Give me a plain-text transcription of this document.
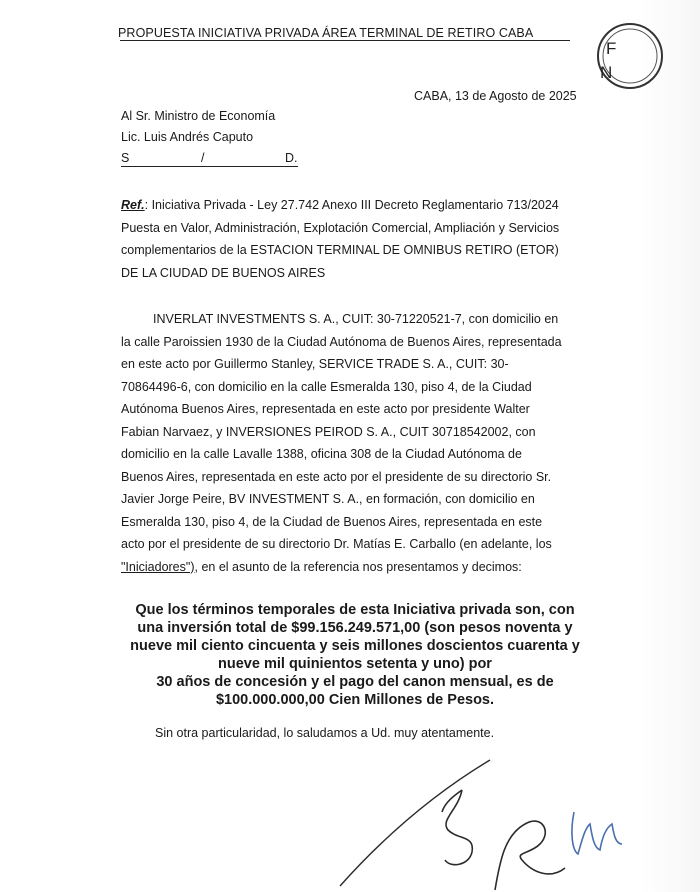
PROPUESTA INICIATIVA PRIVADA ÁREA TERMINAL DE RETIRO CABA
F
N
CABA, 13 de Agosto de 2025
Al Sr. Ministro de Economía
Lic. Luis Andrés Caputo
S	/	D.
Ref.: Iniciativa Privada - Ley 27.742 Anexo III Decreto Reglamentario 713/2024
Puesta en Valor, Administración, Explotación Comercial, Ampliación y Servicios
complementarios de la ESTACION TERMINAL DE OMNIBUS RETIRO (ETOR)
DE LA CIUDAD DE BUENOS AIRES
INVERLAT INVESTMENTS S. A., CUIT: 30-71220521-7, con domicilio en
la calle Paroissien 1930 de la Ciudad Autónoma de Buenos Aires, representada
en este acto por Guillermo Stanley, SERVICE TRADE S. A., CUIT: 30-
70864496-6, con domicilio en la calle Esmeralda 130, piso 4, de la Ciudad
Autónoma Buenos Aires, representada en este acto por presidente Walter
Fabian Narvaez, y INVERSIONES PEIROD S. A., CUIT 30718542002, con
domicilio en la calle Lavalle 1388, oficina 308 de la Ciudad Autónoma de
Buenos Aires, representada en este acto por el presidente de su directorio Sr.
Javier Jorge Peire, BV INVESTMENT S. A., en formación, con domicilio en
Esmeralda 130, piso 4, de la Ciudad de Buenos Aires, representada en este
acto por el presidente de su directorio Dr. Matías E. Carballo (en adelante, los
"Iniciadores"), en el asunto de la referencia nos presentamos y decimos:
Que los términos temporales de esta Iniciativa privada son, con
una inversión total de $99.156.249.571,00 (son pesos noventa y
nueve mil ciento cincuenta y seis millones doscientos cuarenta y
nueve mil quinientos setenta y uno) por
30 años de concesión y el pago del canon mensual, es de
$100.000.000,00 Cien Millones de Pesos.
Sin otra particularidad, lo saludamos a Ud. muy atentamente.
